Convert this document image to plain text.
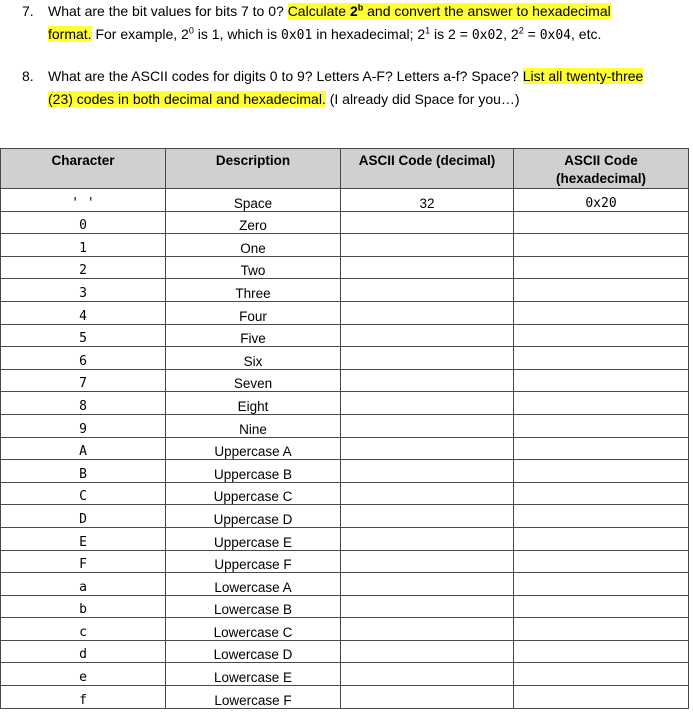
7. What are the bit values for bits 7 to 0? Calculate 2$^b$ and convert the answer to hexadecimal
format. For example, $2^0$ is 1, which is 0x01 in hexadecimal; $2^1$ is 2 = 0x02, $2^2 = 0x04$, etc.
8. What are the ASCII codes for digits 0 to 9? Letters A-F? Letters a-f? Space? List all twenty-three
(23) codes in both decimal and hexadecimal. (I already did Space for you…)
Character	Description	ASCII Code (decimal)	ASCII Code
(hexadecimal)
' '	Space	32	0x20
0	Zero		
1	One		
2	Two		
3	Three		
4	Four		
5	Five		
6	Six		
7	Seven		
8	Eight		
9	Nine		
A	Uppercase A		
B	Uppercase B		
C	Uppercase C		
D	Uppercase D		
E	Uppercase E		
F	Uppercase F		
a	Lowercase A		
b	Lowercase B		
c	Lowercase C		
d	Lowercase D		
e	Lowercase E		
f	Lowercase F		
